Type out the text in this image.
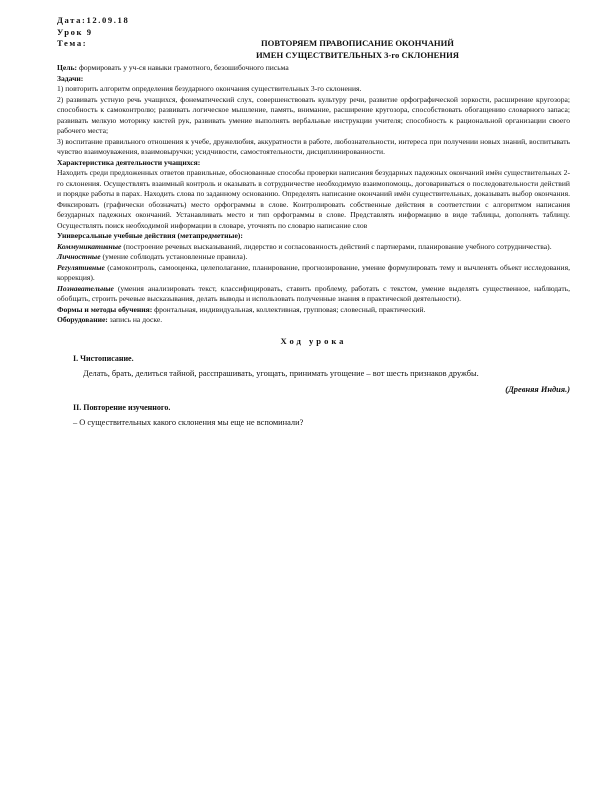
Дата:12.09.18
Урок 9
Тема:	ПОВТОРЯЕМ ПРАВОПИСАНИЕ ОКОНЧАНИЙ
ИМЕН СУЩЕСТВИТЕЛЬНЫХ 3-го СКЛОНЕНИЯ

Цель: формировать у уч-ся навыки грамотного, безошибочного письма

Задачи:

1) повторить алгоритм определения безударного окончания существительных 3-го склонения.

2) развивать устную речь учащихся, фонематический слух, совершенствовать культуру речи, развитие орфографической зоркости, расширение кругозора; способность к самоконтролю; развивать логическое мышление, память, внимание, расширение кругозора, способствовать обогащению словарного запаса; развивать мелкую моторику кистей рук, развивать умение выполнять вербальные инструкции учителя; способность к рациональной организации своего рабочего места;

3) воспитание правильного отношения к учебе, дружелюбия, аккуратности в работе, любознательности, интереса при получении новых знаний, воспитывать чувство взаимоуважения, взаимовыручки; усидчивости, самостоятельности, дисциплинированности.

Характеристика деятельности учащихся:

Находить среди предложенных ответов правильные, обоснованные способы проверки написания безударных падежных окончаний имён существительных 2-го склонения. Осуществлять взаимный контроль и оказывать в сотрудничестве необходимую взаимопомощь, договариваться о последовательности действий и порядке работы в парах. Находить слова по заданному основанию. Определять написание окончаний имён существительных, доказывать выбор окончания. Фиксировать (графически обозначать) место орфограммы в слове. Контролировать собственные действия в соответствии с алгоритмом написания безударных падежных окончаний. Устанавливать место и тип орфограммы в слове. Представлять информацию в виде таблицы, дополнять таблицу. Осуществлять поиск необходимой информации в словаре, уточнять по словарю написание слов

Универсальные учебные действия (метапредметные):

Коммуникативные (построение речевых высказываний, лидерство и согласованность действий с партнерами, планирование учебного сотрудничества).

Личностные (умение соблюдать установленные правила).

Регулятивные (самоконтроль, самооценка, целеполагание, планирование, прогнозирование, умение формулировать тему и вычленять объект исследования, коррекция).

Познавательные (умения анализировать текст, классифицировать, ставить проблему, работать с текстом, умение выделять существенное, наблюдать, обобщать, строить речевые высказывания, делать выводы и использовать полученные знания в практической деятельности).

Формы и методы обучения: фронтальная, индивидуальная, коллективная, групповая; словесный, практический.

Оборудование: запись на доске.

Ход урока

I. Чистописание.

Делать, брать, делиться тайной, расспрашивать, угощать, принимать угощение – вот шесть признаков дружбы.

(Древняя Индия.)

II. Повторение изученного.

– О существительных какого склонения мы еще не вспоминали?
